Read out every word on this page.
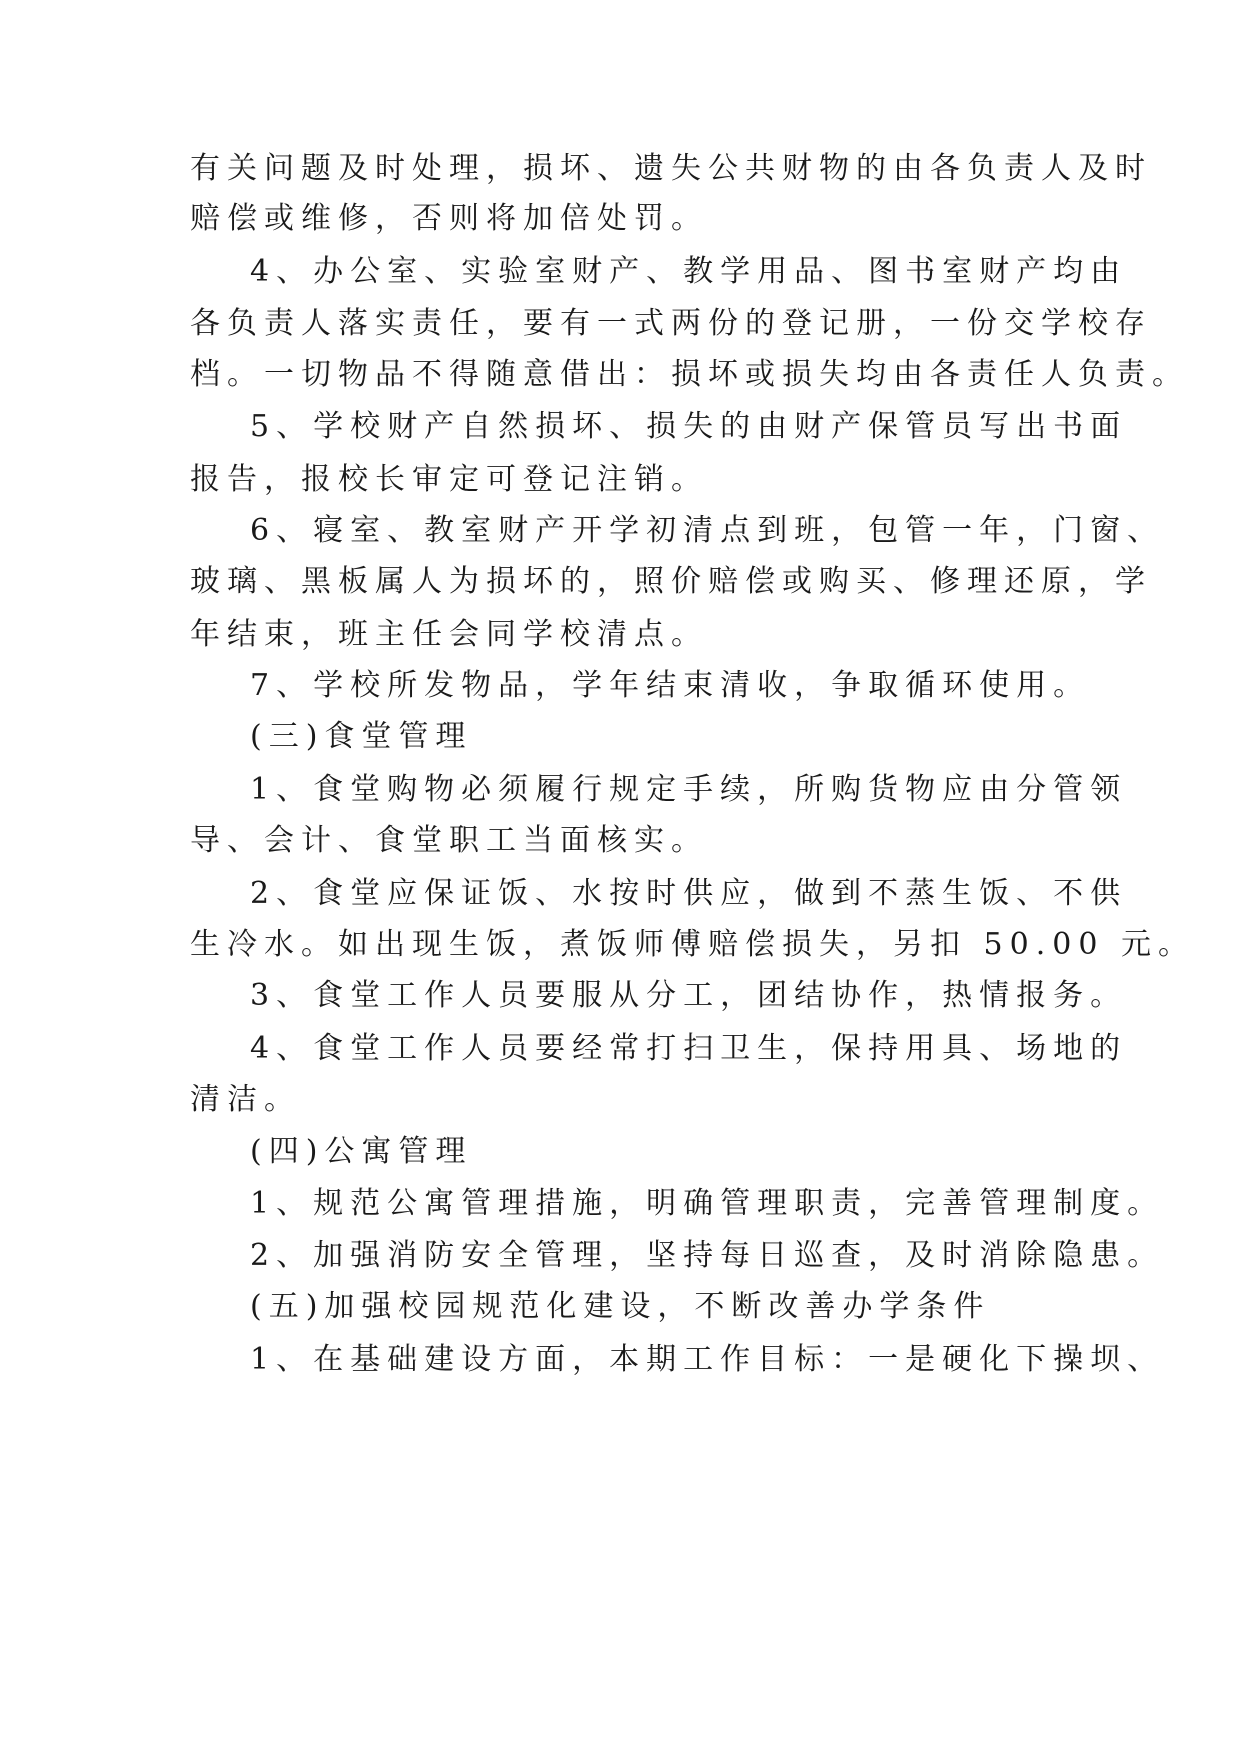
有关问题及时处理，损坏、遗失公共财物的由各负责人及时
赔偿或维修，否则将加倍处罚。
4、办公室、实验室财产、教学用品、图书室财产均由
各负责人落实责任，要有一式两份的登记册，一份交学校存
档。一切物品不得随意借出：损坏或损失均由各责任人负责。
5、学校财产自然损坏、损失的由财产保管员写出书面
报告，报校长审定可登记注销。
6、寝室、教室财产开学初清点到班，包管一年，门窗、
玻璃、黑板属人为损坏的，照价赔偿或购买、修理还原，学
年结束，班主任会同学校清点。
7、学校所发物品，学年结束清收，争取循环使用。
(三)食堂管理
1、食堂购物必须履行规定手续，所购货物应由分管领
导、会计、食堂职工当面核实。
2、食堂应保证饭、水按时供应，做到不蒸生饭、不供
生冷水。如出现生饭，煮饭师傅赔偿损失，另扣 50.00 元。
3、食堂工作人员要服从分工，团结协作，热情报务。
4、食堂工作人员要经常打扫卫生，保持用具、场地的
清洁。
(四)公寓管理
1、规范公寓管理措施，明确管理职责，完善管理制度。
2、加强消防安全管理，坚持每日巡查，及时消除隐患。
(五)加强校园规范化建设，不断改善办学条件
1、在基础建设方面，本期工作目标：一是硬化下操坝、
